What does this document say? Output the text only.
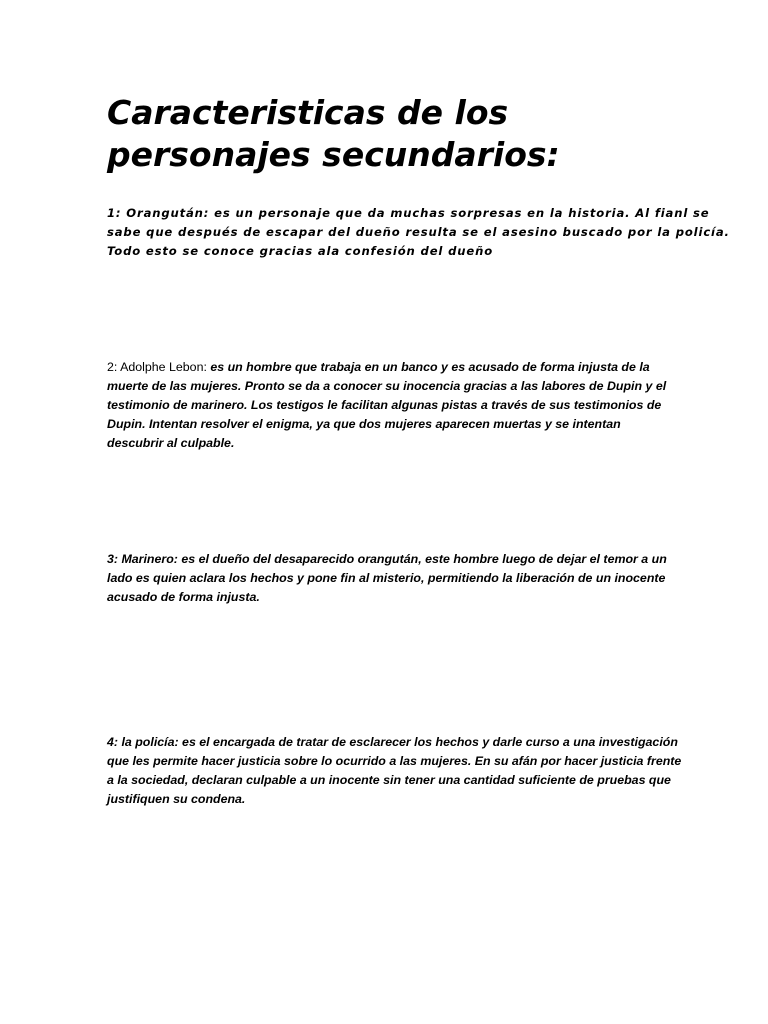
Caracteristicas de los
personajes secundarios:

1: Orangután: es un personaje que da muchas sorpresas en la historia. Al fianl se
sabe que después de escapar del dueño resulta se el asesino buscado por la policía.
Todo esto se conoce gracias ala confesión del dueño

2: Adolphe Lebon: es un hombre que trabaja en un banco y es acusado de forma injusta de la
muerte de las mujeres. Pronto se da a conocer su inocencia gracias a las labores de Dupin y el
testimonio de marinero. Los testigos le facilitan algunas pistas a través de sus testimonios de
Dupin. Intentan resolver el enigma, ya que dos mujeres aparecen muertas y se intentan
descubrir al culpable.

3: Marinero: es el dueño del desaparecido orangután, este hombre luego de dejar el temor a un
lado es quien aclara los hechos y pone fin al misterio, permitiendo la liberación de un inocente
acusado de forma injusta.

4: la policía: es el encargada de tratar de esclarecer los hechos y darle curso a una investigación
que les permite hacer justicia sobre lo ocurrido a las mujeres. En su afán por hacer justicia frente
a la sociedad, declaran culpable a un inocente sin tener una cantidad suficiente de pruebas que
justifiquen su condena.
